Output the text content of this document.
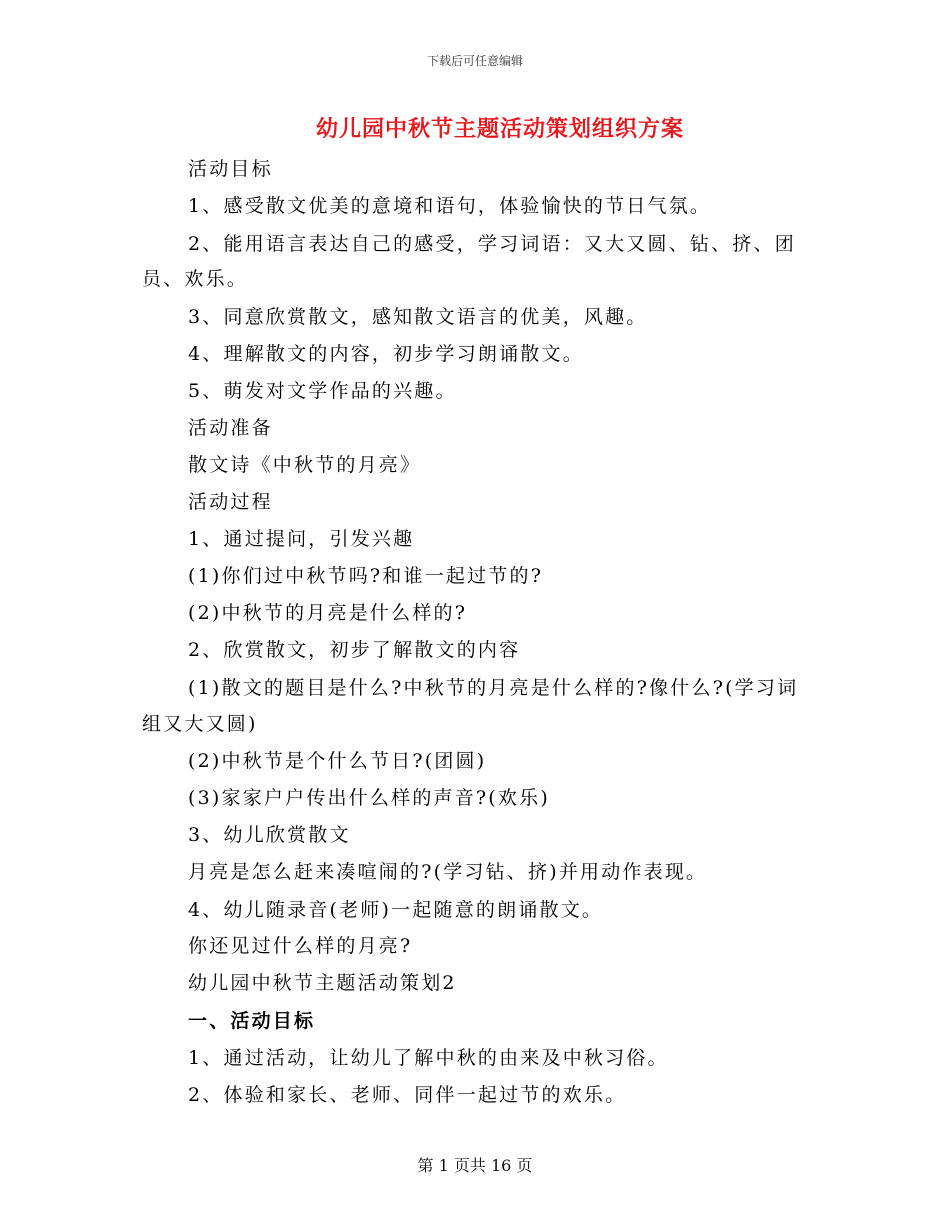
下载后可任意编辑
幼儿园中秋节主题活动策划组织方案
活动目标
1、感受散文优美的意境和语句，体验愉快的节日气氛。
2、能用语言表达自己的感受，学习词语：又大又圆、钻、挤、团
员、欢乐。
3、同意欣赏散文，感知散文语言的优美，风趣。
4、理解散文的内容，初步学习朗诵散文。
5、萌发对文学作品的兴趣。
活动准备
散文诗《中秋节的月亮》
活动过程
1、通过提问，引发兴趣
(1)你们过中秋节吗?和谁一起过节的?
(2)中秋节的月亮是什么样的?
2、欣赏散文，初步了解散文的内容
(1)散文的题目是什么?中秋节的月亮是什么样的?像什么?(学习词
组又大又圆)
(2)中秋节是个什么节日?(团圆)
(3)家家户户传出什么样的声音?(欢乐)
3、幼儿欣赏散文
月亮是怎么赶来凑喧闹的?(学习钻、挤)并用动作表现。
4、幼儿随录音(老师)一起随意的朗诵散文。
你还见过什么样的月亮?
幼儿园中秋节主题活动策划2
一、活动目标
1、通过活动，让幼儿了解中秋的由来及中秋习俗。
2、体验和家长、老师、同伴一起过节的欢乐。
第 1 页共 16 页
